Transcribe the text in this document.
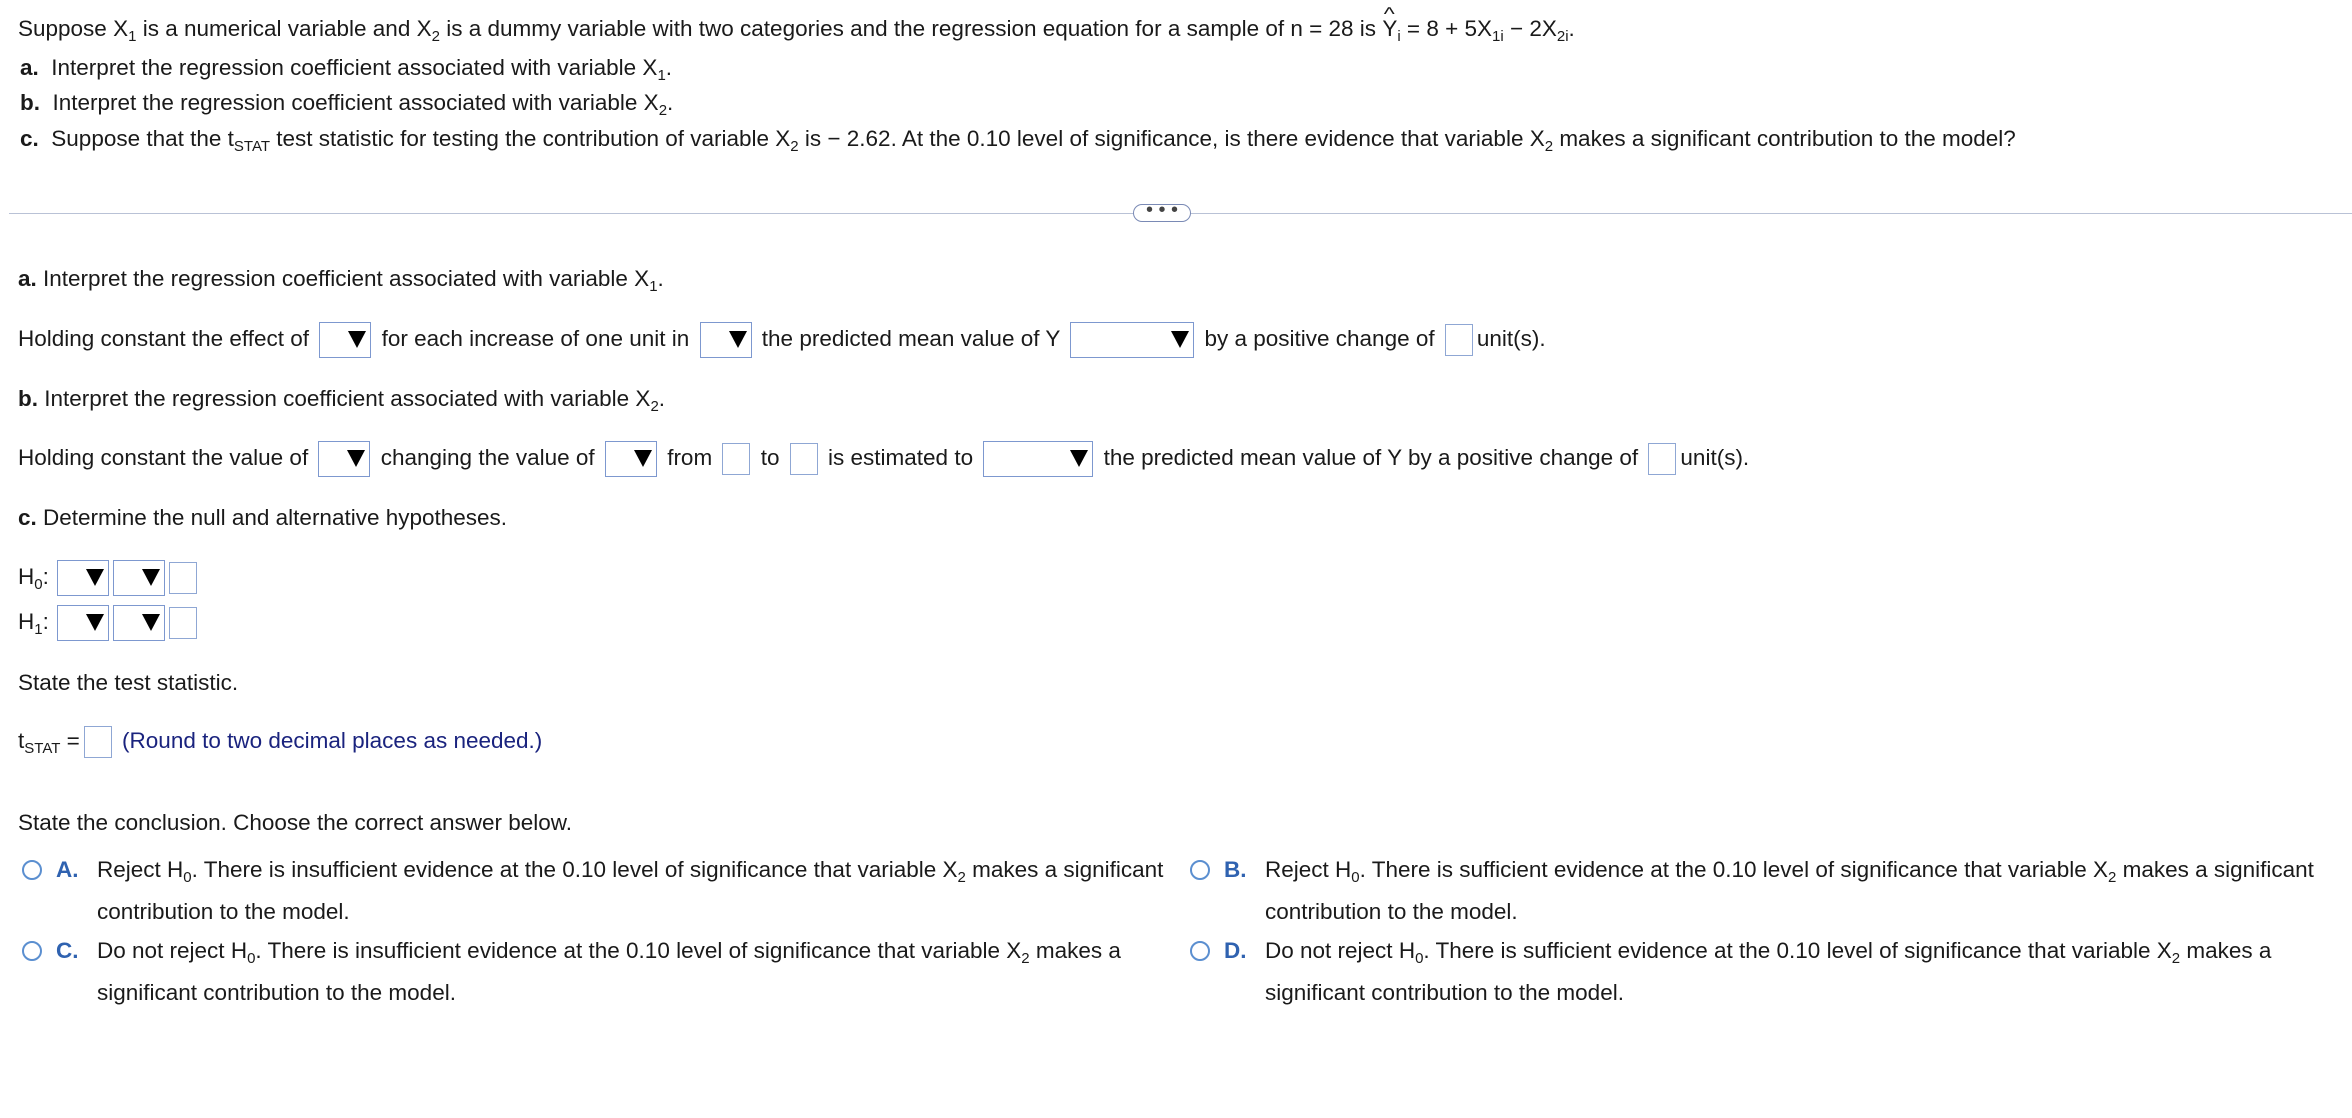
Suppose $X_1$ is a numerical variable and $X_2$ is a dummy variable with two categories and the regression equation for a sample of n = 28 is ^ $Y_i = 8 + 5X_{1i} - 2X_{2i}$.
a. Interpret the regression coefficient associated with variable $X_1$.
b. Interpret the regression coefficient associated with variable $X_2$.
c. Suppose that the $t_{STAT}$ test statistic for testing the contribution of variable $X_2$ is − 2.62. At the 0.10 level of significance, is there evidence that variable $X_2$ makes a significant contribution to the model?
• • •
a. Interpret the regression coefficient associated with variable $X_1$.
Holding constant the effect of	for each increase of one unit in	the predicted mean value of Y	by a positive change of unit(s).
b. Interpret the regression coefficient associated with variable $X_2$.
Holding constant the value of	changing the value of	from to is estimated to	the predicted mean value of Y by a positive change of unit(s).
c. Determine the null and alternative hypotheses.
$H_0$:
$H_1$:
State the test statistic.
$t_{STAT}$ = (Round to two decimal places as needed.)
State the conclusion. Choose the correct answer below.
A. Reject $H_0$. There is insufficient evidence at the 0.10 level of significance that variable $X_2$ makes a significant contribution to the model.
B. Reject $H_0$. There is sufficient evidence at the 0.10 level of significance that variable $X_2$ makes a significant contribution to the model.
C. Do not reject $H_0$. There is insufficient evidence at the 0.10 level of significance that variable $X_2$ makes a significant contribution to the model.
D. Do not reject $H_0$. There is sufficient evidence at the 0.10 level of significance that variable $X_2$ makes a significant contribution to the model.
